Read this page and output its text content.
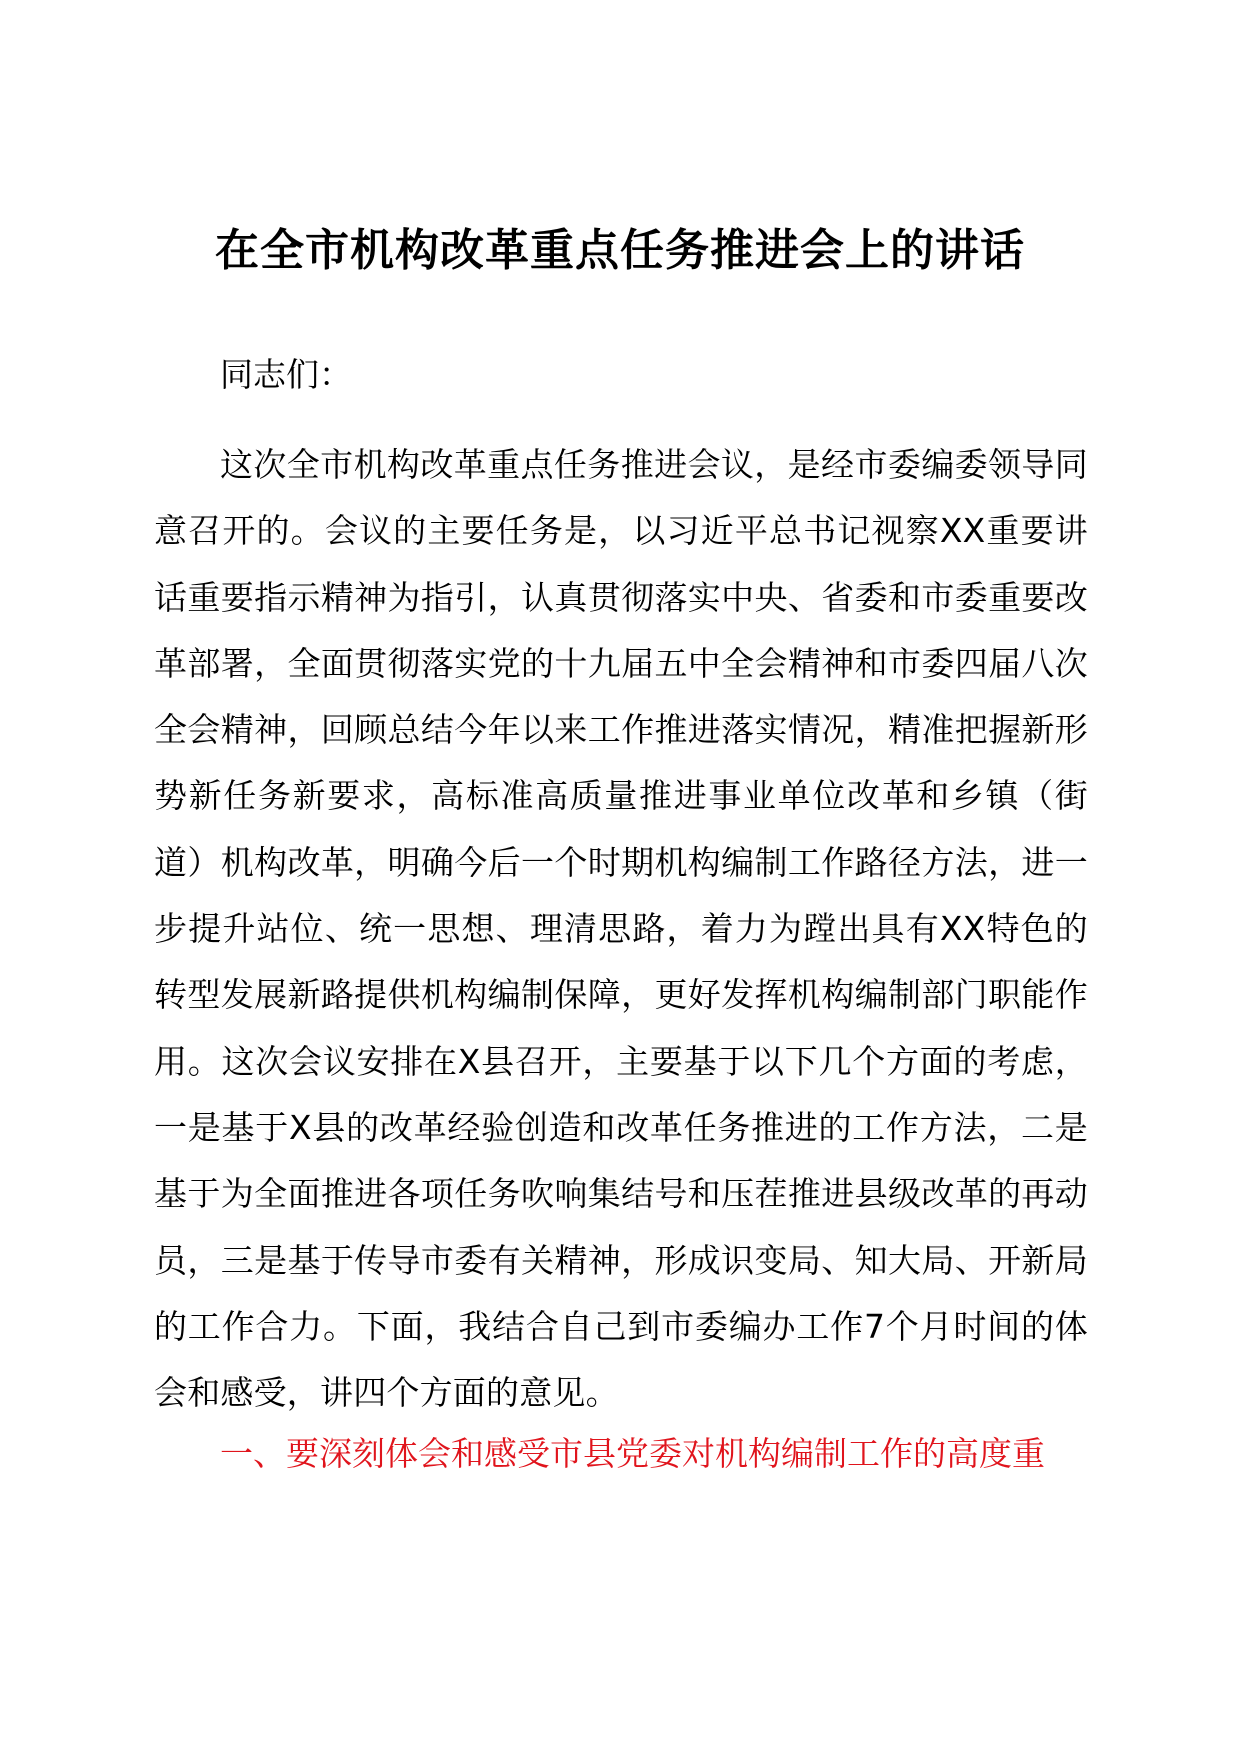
在全市机构改革重点任务推进会上的讲话

同志们：

这次全市机构改革重点任务推进会议，是经市委编委领导同意召开的。会议的主要任务是，以习近平总书记视察XX重要讲话重要指示精神为指引，认真贯彻落实中央、省委和市委重要改革部署，全面贯彻落实党的十九届五中全会精神和市委四届八次全会精神，回顾总结今年以来工作推进落实情况，精准把握新形势新任务新要求，高标准高质量推进事业单位改革和乡镇（街道）机构改革，明确今后一个时期机构编制工作路径方法，进一步提升站位、统一思想、理清思路，着力为蹚出具有XX特色的转型发展新路提供机构编制保障，更好发挥机构编制部门职能作用。这次会议安排在X县召开，主要基于以下几个方面的考虑，一是基于X县的改革经验创造和改革任务推进的工作方法，二是基于为全面推进各项任务吹响集结号和压茬推进县级改革的再动员，三是基于传导市委有关精神，形成识变局、知大局、开新局的工作合力。下面，我结合自己到市委编办工作7个月时间的体会和感受，讲四个方面的意见。

一、要深刻体会和感受市县党委对机构编制工作的高度重
